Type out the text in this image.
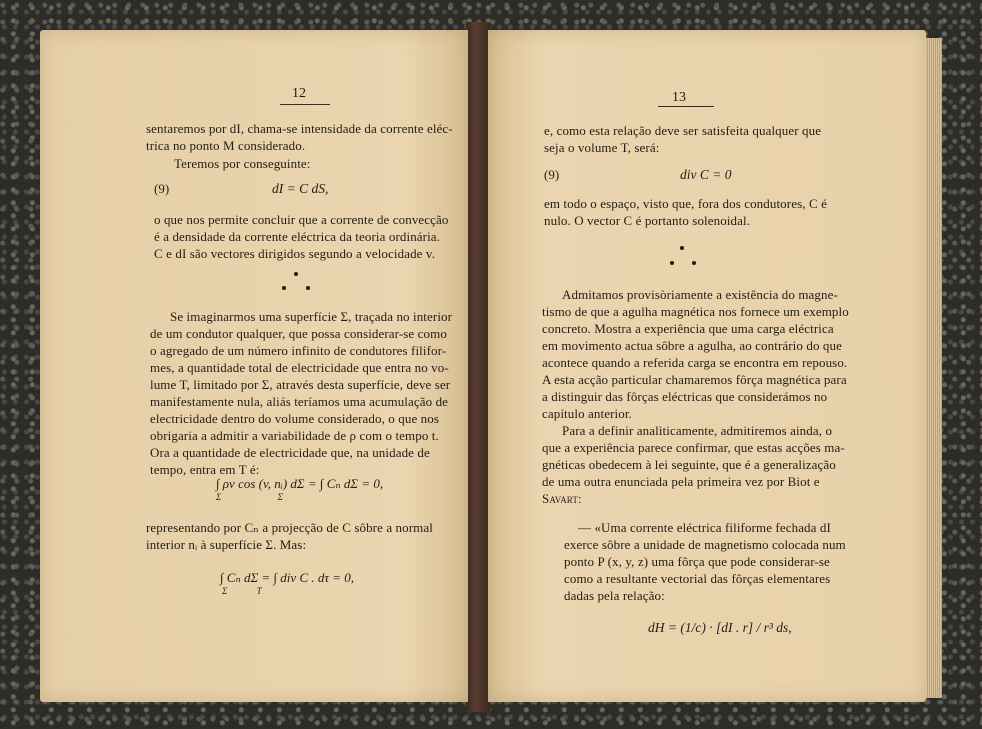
12
sentaremos por dI, chama-se intensidade da corrente eléc-
trica no ponto M considerado.
Teremos por conseguinte:
(9)	dI = C dS,
o que nos permite concluir que a corrente de convecção
é a densidade da corrente eléctrica da teoria ordinária.
C e dI são vectores dirigidos segundo a velocidade v.
Se imaginarmos uma superfície Σ, traçada no interior
de um condutor qualquer, que possa considerar-se como
o agregado de um número infinito de condutores filifor-
mes, a quantidade total de electricidade que entra no vo-
lume T, limitado por Σ, através desta superfície, deve ser
manifestamente nula, aliás teríamos uma acumulação de
electricidade dentro do volume considerado, o que nos
obrigaria a admitir a variabilidade de ρ com o tempo t.
Ora a quantidade de electricidade que, na unidade de
tempo, entra em T é:
∫ ρv cos (v, nᵢ) dΣ = ∫ Cₙ dΣ = 0,
Σ                         Σ
representando por Cₙ a projecção de C sôbre a normal
interior nᵢ à superfície Σ. Mas:
∫ Cₙ dΣ = ∫ div C . dτ = 0,
Σ             T
13
e, como esta relação deve ser satisfeita qualquer que
seja o volume T, será:
(9)	div C = 0
em todo o espaço, visto que, fora dos condutores, C é
nulo. O vector C é portanto solenoidal.
Admitamos provisòriamente a existência do magne-
tismo de que a agulha magnética nos fornece um exemplo
concreto. Mostra a experiência que uma carga eléctrica
em movimento actua sôbre a agulha, ao contrário do que
acontece quando a referida carga se encontra em repouso.
A esta acção particular chamaremos fôrça magnética para
a distinguir das fôrças eléctricas que considerámos no
capítulo anterior.
Para a definir analìticamente, admitiremos ainda, o
que a experiência parece confirmar, que estas acções ma-
gnéticas obedecem à lei seguinte, que é a generalização
de uma outra enunciada pela primeira vez por Biot e
Savart:
— «Uma corrente eléctrica filiforme fechada dI
exerce sôbre a unidade de magnetismo colocada num
ponto P (x, y, z) uma fôrça que pode considerar-se
como a resultante vectorial das fôrças elementares
dadas pela relação:
dH = (1/c) · [dI . r] / r³ ds,
